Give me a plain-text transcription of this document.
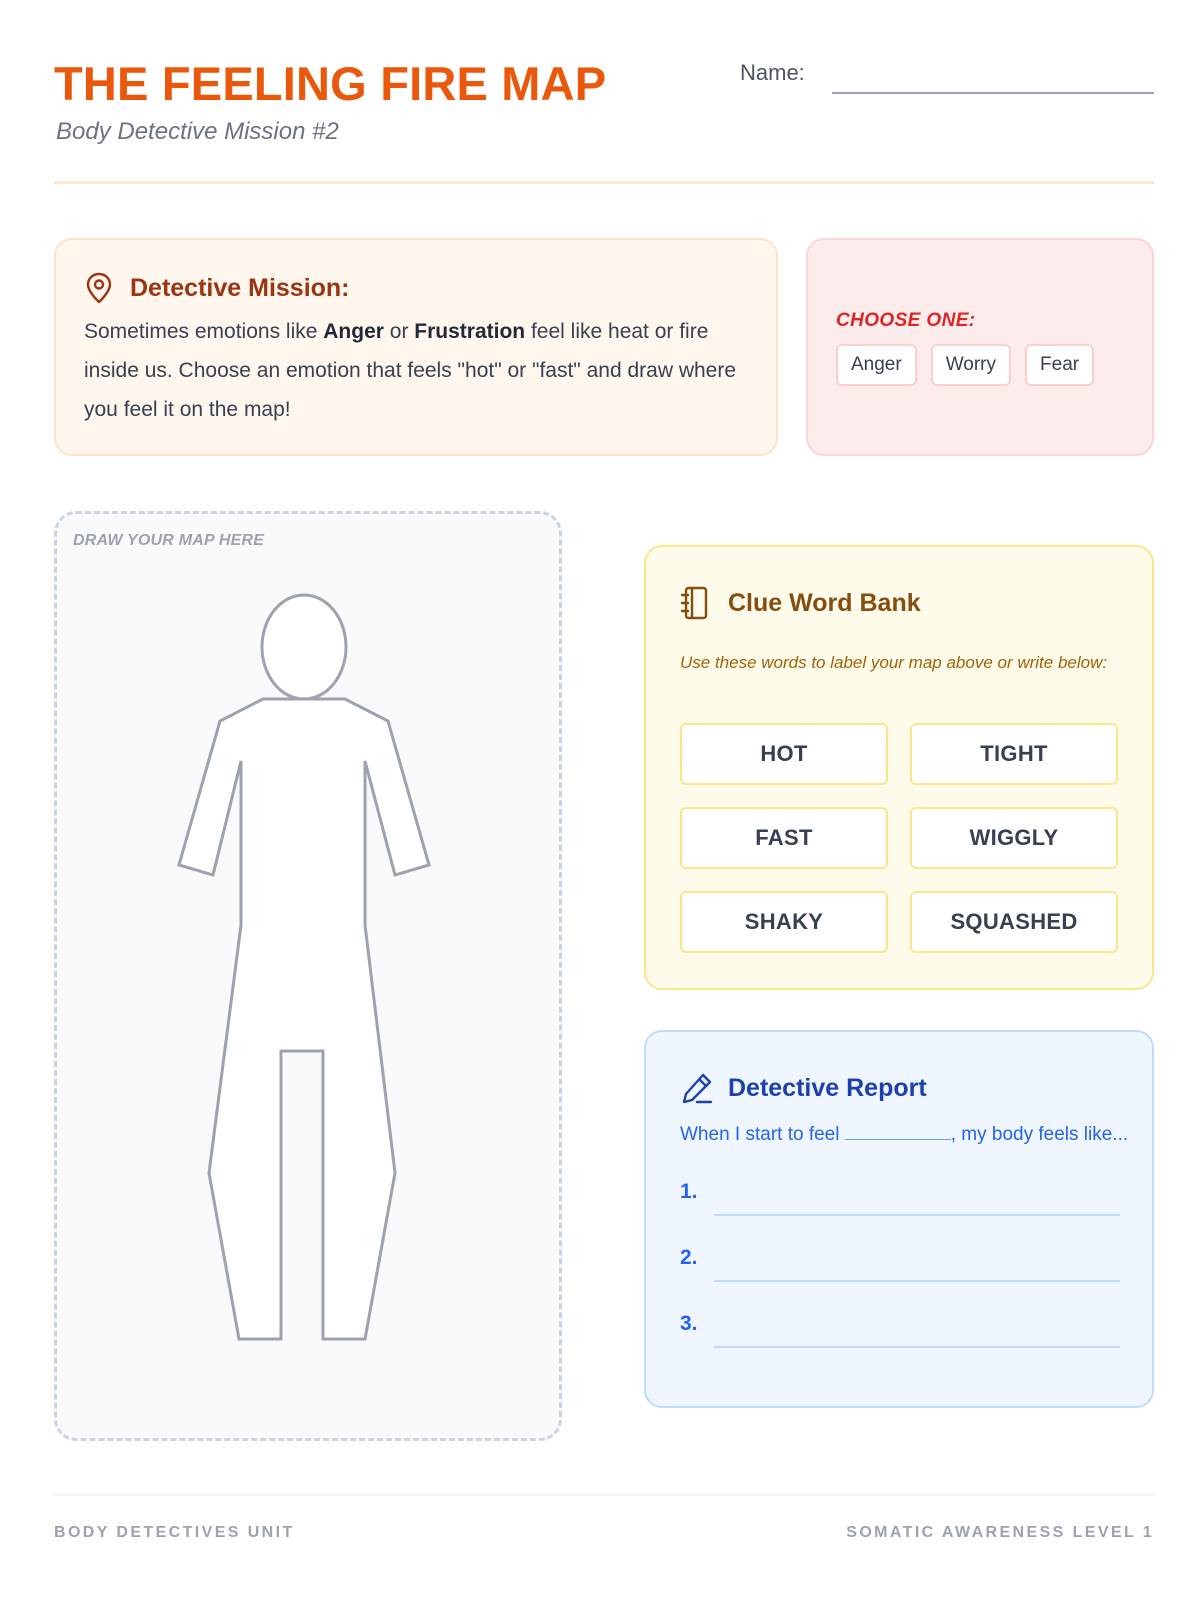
THE FEELING FIRE MAP
Body Detective Mission #2
Name:
Detective Mission:

Sometimes emotions like Anger or Frustration feel like heat or fire inside us. Choose an emotion that feels "hot" or "fast" and draw where you feel it on the map!

CHOOSE ONE:
Anger	Worry	Fear
DRAW YOUR MAP HERE
Clue Word Bank
Use these words to label your map above or write below:
HOT	TIGHT
FAST	WIGGLY
SHAKY	SQUASHED
Detective Report
When I start to feel	, my body feels like...
1.
2.
3.
BODY DETECTIVES UNIT	SOMATIC AWARENESS LEVEL 1
